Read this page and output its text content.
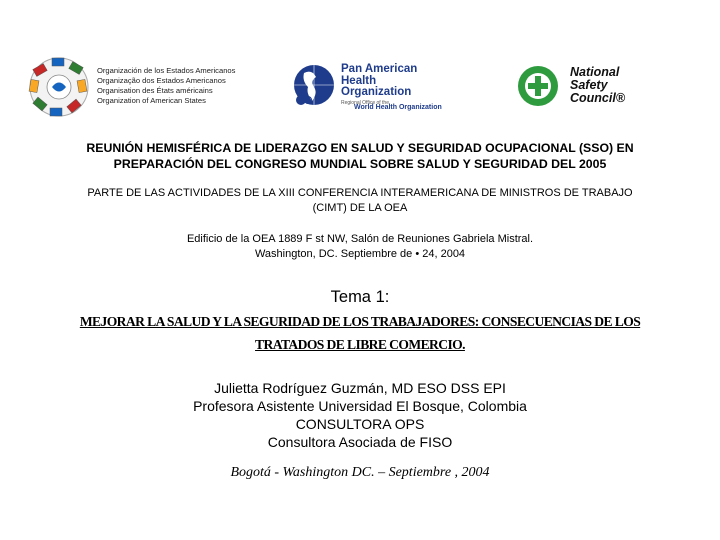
Organización de los Estados Americanos
Organização dos Estados Americanos
Organisation des États américains
Organization of American States
Pan American
Health
Organization
Regional Office of the
World Health Organization
National
Safety
Council®
REUNIÓN HEMISFÉRICA DE LIDERAZGO EN SALUD Y SEGURIDAD OCUPACIONAL (SSO) EN
PREPARACIÓN DEL CONGRESO MUNDIAL SOBRE SALUD Y SEGURIDAD DEL 2005
PARTE DE LAS ACTIVIDADES DE LA XIII CONFERENCIA INTERAMERICANA DE MINISTROS DE TRABAJO
(CIMT) DE LA OEA
Edificio de la OEA 1889 F st NW, Salón de Reuniones Gabriela Mistral.
Washington, DC. Septiembre de • 24, 2004
Tema 1:
MEJORAR LA SALUD Y LA SEGURIDAD DE LOS TRABAJADORES: CONSECUENCIAS DE LOS
TRATADOS DE LIBRE COMERCIO.
Julietta Rodríguez Guzmán, MD ESO DSS EPI
Profesora Asistente Universidad El Bosque, Colombia
CONSULTORA OPS
Consultora Asociada de FISO
Bogotá - Washington DC. – Septiembre , 2004
